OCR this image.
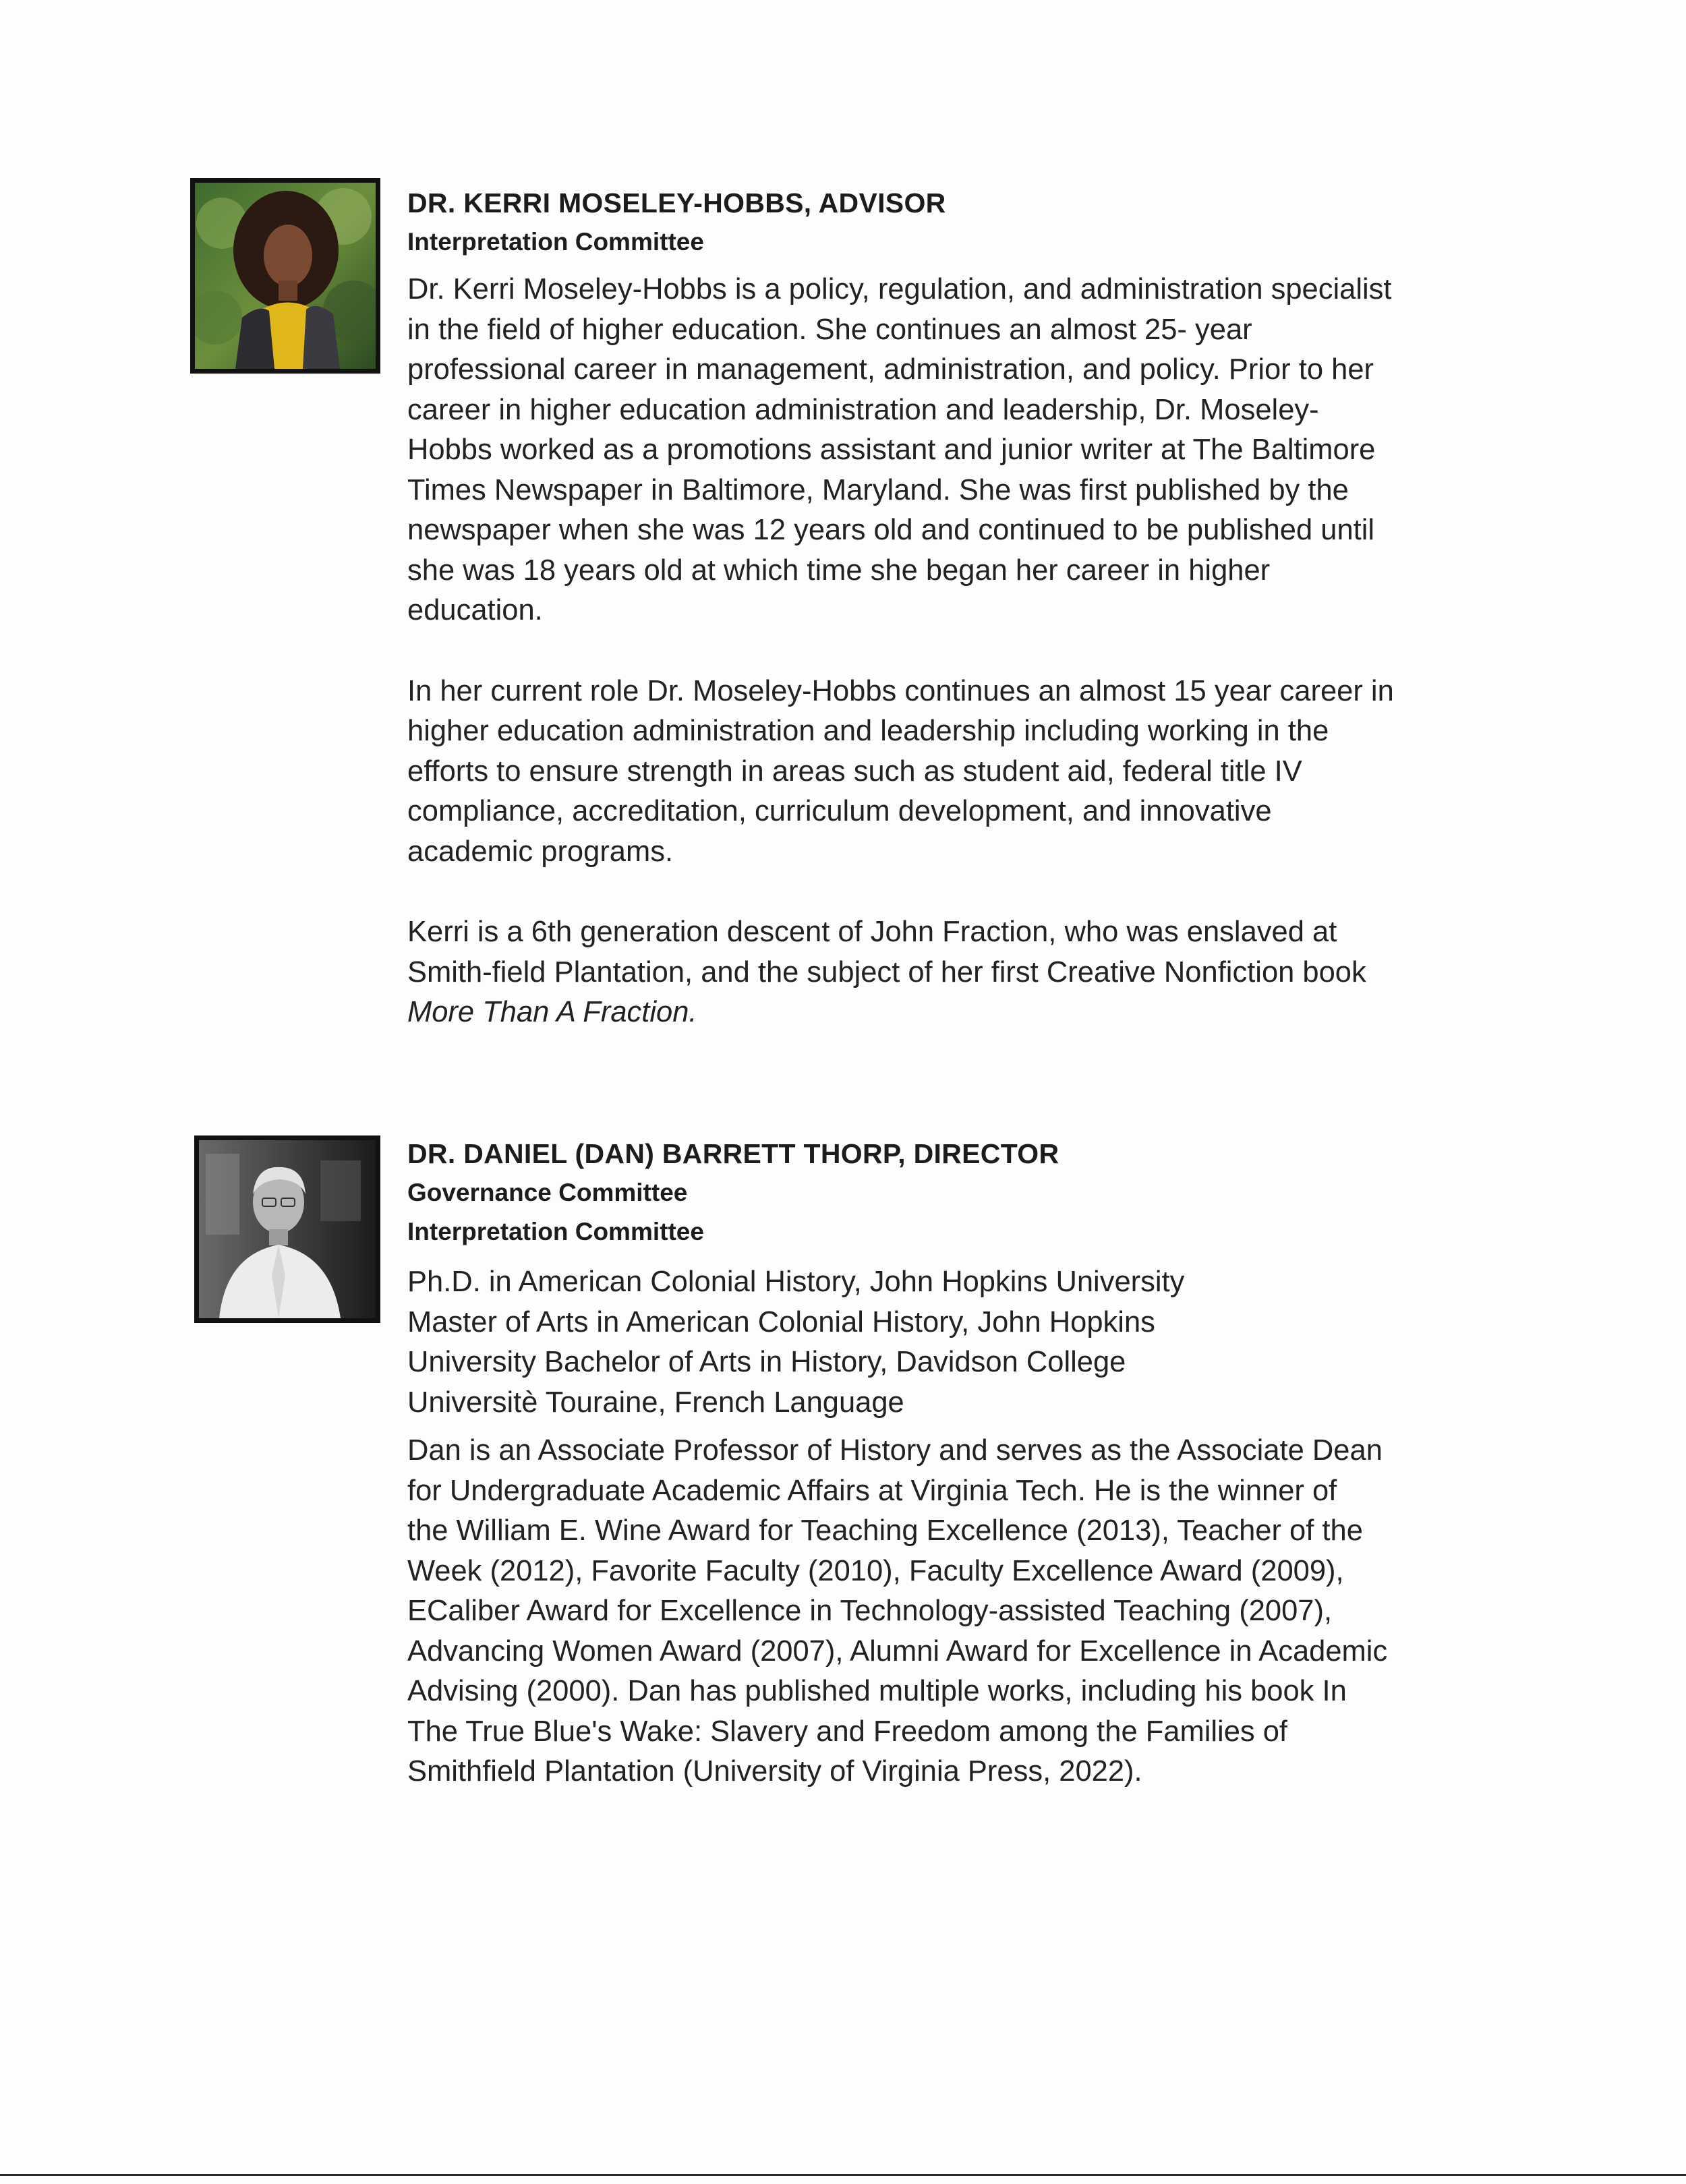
DR. KERRI MOSELEY-HOBBS, ADVISOR

Interpretation Committee

Dr. Kerri Moseley-Hobbs is a policy, regulation, and administration specialist
in the field of higher education. She continues an almost 25- year
professional career in management, administration, and policy. Prior to her
career in higher education administration and leadership, Dr. Moseley-
Hobbs worked as a promotions assistant and junior writer at The Baltimore
Times Newspaper in Baltimore, Maryland. She was first published by the
newspaper when she was 12 years old and continued to be published until
she was 18 years old at which time she began her career in higher
education.
In her current role Dr. Moseley-Hobbs continues an almost 15 year career in
higher education administration and leadership including working in the
efforts to ensure strength in areas such as student aid, federal title IV
compliance, accreditation, curriculum development, and innovative
academic programs.
Kerri is a 6th generation descent of John Fraction, who was enslaved at
Smith-field Plantation, and the subject of her first Creative Nonfiction book
More Than A Fraction.
DR. DANIEL (DAN) BARRETT THORP, DIRECTOR

Governance Committee

Interpretation Committee

Ph.D. in American Colonial History, John Hopkins University
Master of Arts in American Colonial History, John Hopkins
University Bachelor of Arts in History, Davidson College
Universitè Touraine, French Language
Dan is an Associate Professor of History and serves as the Associate Dean
for Undergraduate Academic Affairs at Virginia Tech. He is the winner of
the William E. Wine Award for Teaching Excellence (2013), Teacher of the
Week (2012), Favorite Faculty (2010), Faculty Excellence Award (2009),
ECaliber Award for Excellence in Technology-assisted Teaching (2007),
Advancing Women Award (2007), Alumni Award for Excellence in Academic
Advising (2000). Dan has published multiple works, including his book In
The True Blue's Wake: Slavery and Freedom among the Families of
Smithfield Plantation (University of Virginia Press, 2022).
